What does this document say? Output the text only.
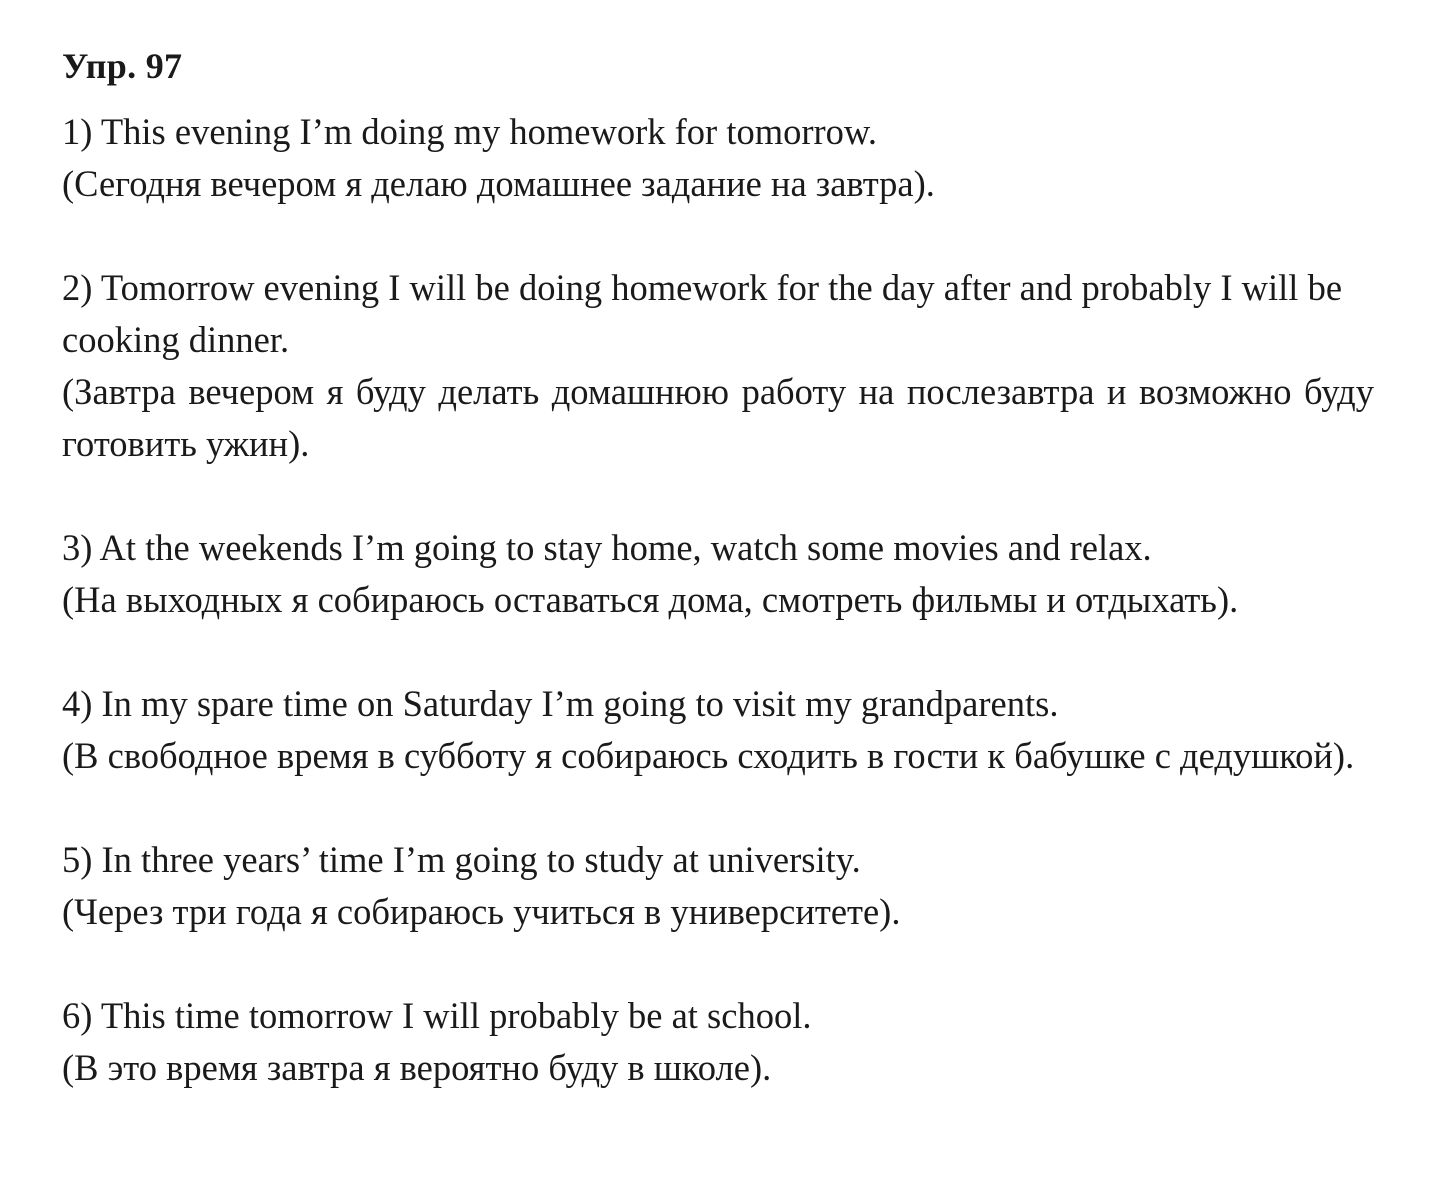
Упр. 97

1) This evening I’m doing my homework for tomorrow.

(Сегодня вечером я делаю домашнее задание на завтра).

2) Tomorrow evening I will be doing homework for the day after and probably I will be cooking dinner.

(Завтра вечером я буду делать домашнюю работу на послезавтра и возможно буду готовить ужин).

3) At the weekends I’m going to stay home, watch some movies and relax.

(На выходных я собираюсь оставаться дома, смотреть фильмы и отдыхать).

4) In my spare time on Saturday I’m going to visit my grandparents.

(В свободное время в субботу я собираюсь сходить в гости к бабушке с дедушкой).

5) In three years’ time I’m going to study at university.

(Через три года я собираюсь учиться в университете).

6) This time tomorrow I will probably be at school.

(В это время завтра я вероятно буду в школе).
